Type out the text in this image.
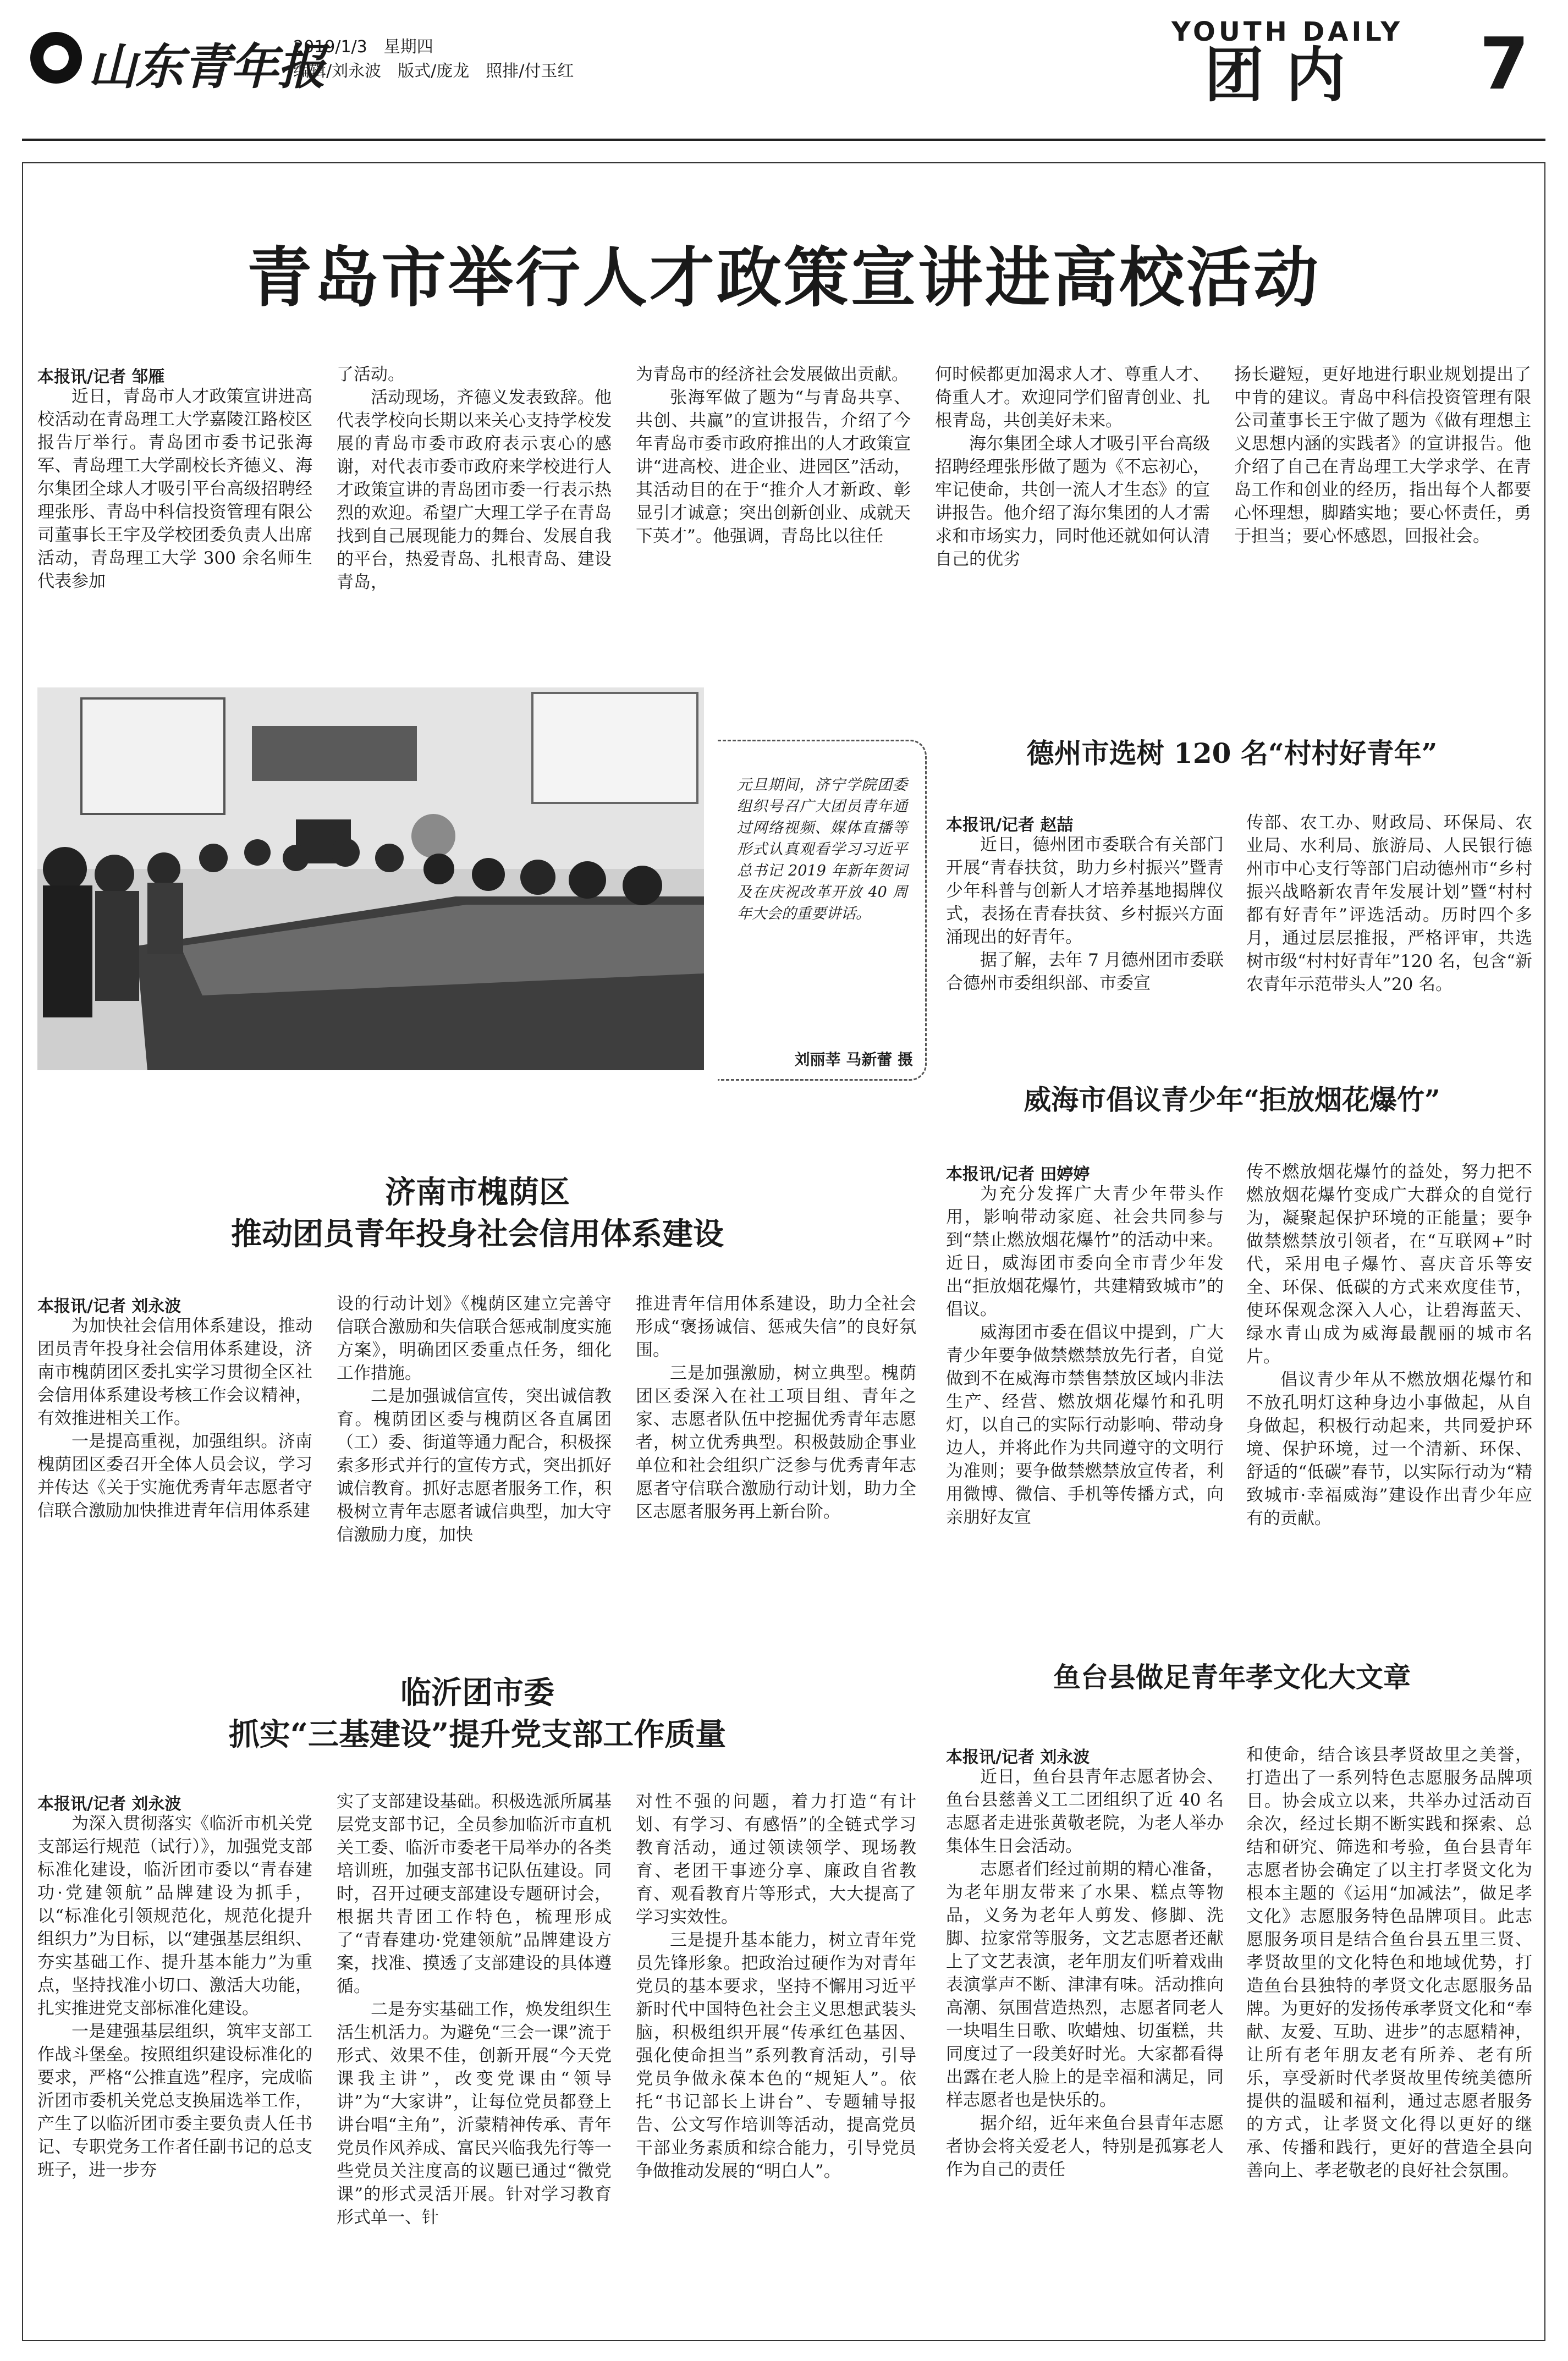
山东青年报
2019/1/3　星期四
编辑/刘永波　版式/庞龙　照排/付玉红
YOUTH DAILY
团内 7
青岛市举行人才政策宣讲进高校活动
本报讯/记者 邹雁

近日，青岛市人才政策宣讲进高校活动在青岛理工大学嘉陵江路校区报告厅举行。青岛团市委书记张海军、青岛理工大学副校长齐德义、海尔集团全球人才吸引平台高级招聘经理张彤、青岛中科信投资管理有限公司董事长王宇及学校团委负责人出席活动，青岛理工大学 300 余名师生代表参加

了活动。

活动现场，齐德义发表致辞。他代表学校向长期以来关心支持学校发展的青岛市委市政府表示衷心的感谢，对代表市委市政府来学校进行人才政策宣讲的青岛团市委一行表示热烈的欢迎。希望广大理工学子在青岛找到自己展现能力的舞台、发展自我的平台，热爱青岛、扎根青岛、建设青岛，

为青岛市的经济社会发展做出贡献。

张海军做了题为“与青岛共享、共创、共赢”的宣讲报告，介绍了今年青岛市委市政府推出的人才政策宣讲“进高校、进企业、进园区”活动，其活动目的在于“推介人才新政、彰显引才诚意；突出创新创业、成就天下英才”。他强调，青岛比以往任

何时候都更加渴求人才、尊重人才、倚重人才。欢迎同学们留青创业、扎根青岛，共创美好未来。

海尔集团全球人才吸引平台高级招聘经理张彤做了题为《不忘初心，牢记使命，共创一流人才生态》的宣讲报告。他介绍了海尔集团的人才需求和市场实力，同时他还就如何认清自己的优劣

扬长避短，更好地进行职业规划提出了中肯的建议。青岛中科信投资管理有限公司董事长王宇做了题为《做有理想主义思想内涵的实践者》的宣讲报告。他介绍了自己在青岛理工大学求学、在青岛工作和创业的经历，指出每个人都要心怀理想，脚踏实地；要心怀责任，勇于担当；要心怀感恩，回报社会。

元旦期间，济宁学院团委组织号召广大团员青年通过网络视频、媒体直播等形式认真观看学习习近平总书记 2019 年新年贺词及在庆祝改革开放 40 周年大会的重要讲话。
刘丽莘 马新蕾 摄
德州市选树 120 名“村村好青年”
本报讯/记者 赵喆

近日，德州团市委联合有关部门开展“青春扶贫，助力乡村振兴”暨青少年科普与创新人才培养基地揭牌仪式，表扬在青春扶贫、乡村振兴方面涌现出的好青年。

据了解，去年 7 月德州团市委联合德州市委组织部、市委宣

传部、农工办、财政局、环保局、农业局、水利局、旅游局、人民银行德州市中心支行等部门启动德州市“乡村振兴战略新农青年发展计划”暨“村村都有好青年”评选活动。历时四个多月，通过层层推报，严格评审，共选树市级“村村好青年”120 名，包含“新农青年示范带头人”20 名。

威海市倡议青少年“拒放烟花爆竹”
本报讯/记者 田婷婷

为充分发挥广大青少年带头作用，影响带动家庭、社会共同参与到“禁止燃放烟花爆竹”的活动中来。近日，威海团市委向全市青少年发出“拒放烟花爆竹，共建精致城市”的倡议。

威海团市委在倡议中提到，广大青少年要争做禁燃禁放先行者，自觉做到不在威海市禁售禁放区域内非法生产、经营、燃放烟花爆竹和孔明灯，以自己的实际行动影响、带动身边人，并将此作为共同遵守的文明行为准则；要争做禁燃禁放宣传者，利用微博、微信、手机等传播方式，向亲朋好友宣

传不燃放烟花爆竹的益处，努力把不燃放烟花爆竹变成广大群众的自觉行为，凝聚起保护环境的正能量；要争做禁燃禁放引领者，在“互联网+”时代，采用电子爆竹、喜庆音乐等安全、环保、低碳的方式来欢度佳节，使环保观念深入人心，让碧海蓝天、绿水青山成为威海最靓丽的城市名片。

倡议青少年从不燃放烟花爆竹和不放孔明灯这种身边小事做起，从自身做起，积极行动起来，共同爱护环境、保护环境，过一个清新、环保、舒适的“低碳”春节，以实际行动为“精致城市·幸福威海”建设作出青少年应有的贡献。

济南市槐荫区
推动团员青年投身社会信用体系建设
本报讯/记者 刘永波

为加快社会信用体系建设，推动团员青年投身社会信用体系建设，济南市槐荫团区委扎实学习贯彻全区社会信用体系建设考核工作会议精神，有效推进相关工作。

一是提高重视，加强组织。济南槐荫团区委召开全体人员会议，学习并传达《关于实施优秀青年志愿者守信联合激励加快推进青年信用体系建

设的行动计划》《槐荫区建立完善守信联合激励和失信联合惩戒制度实施方案》，明确团区委重点任务，细化工作措施。

二是加强诚信宣传，突出诚信教育。槐荫团区委与槐荫区各直属团（工）委、街道等通力配合，积极探索多形式并行的宣传方式，突出抓好诚信教育。抓好志愿者服务工作，积极树立青年志愿者诚信典型，加大守信激励力度，加快

推进青年信用体系建设，助力全社会形成“褒扬诚信、惩戒失信”的良好氛围。

三是加强激励，树立典型。槐荫团区委深入在社工项目组、青年之家、志愿者队伍中挖掘优秀青年志愿者，树立优秀典型。积极鼓励企事业单位和社会组织广泛参与优秀青年志愿者守信联合激励行动计划，助力全区志愿者服务再上新台阶。

临沂团市委
抓实“三基建设”提升党支部工作质量
本报讯/记者 刘永波

为深入贯彻落实《临沂市机关党支部运行规范（试行）》，加强党支部标准化建设，临沂团市委以“青春建功·党建领航”品牌建设为抓手，以“标准化引领规范化，规范化提升组织力”为目标，以“建强基层组织、夯实基础工作、提升基本能力”为重点，坚持找准小切口、激活大功能，扎实推进党支部标准化建设。

一是建强基层组织，筑牢支部工作战斗堡垒。按照组织建设标准化的要求，严格“公推直选”程序，完成临沂团市委机关党总支换届选举工作，产生了以临沂团市委主要负责人任书记、专职党务工作者任副书记的总支班子，进一步夯

实了支部建设基础。积极选派所属基层党支部书记，全员参加临沂市直机关工委、临沂市委老干局举办的各类培训班，加强支部书记队伍建设。同时，召开过硬支部建设专题研讨会，根据共青团工作特色，梳理形成了“青春建功·党建领航”品牌建设方案，找准、摸透了支部建设的具体遵循。

二是夯实基础工作，焕发组织生活生机活力。为避免“三会一课”流于形式、效果不佳，创新开展“今天党课我主讲”，改变党课由“领导讲”为“大家讲”，让每位党员都登上讲台唱“主角”，沂蒙精神传承、青年党员作风养成、富民兴临我先行等一些党员关注度高的议题已通过“微党课”的形式灵活开展。针对学习教育形式单一、针

对性不强的问题，着力打造“有计划、有学习、有感悟”的全链式学习教育活动，通过领读领学、现场教育、老团干事迹分享、廉政自省教育、观看教育片等形式，大大提高了学习实效性。

三是提升基本能力，树立青年党员先锋形象。把政治过硬作为对青年党员的基本要求，坚持不懈用习近平新时代中国特色社会主义思想武装头脑，积极组织开展“传承红色基因、强化使命担当”系列教育活动，引导党员争做永葆本色的“规矩人”。依托“书记部长上讲台”、专题辅导报告、公文写作培训等活动，提高党员干部业务素质和综合能力，引导党员争做推动发展的“明白人”。

鱼台县做足青年孝文化大文章
本报讯/记者 刘永波

近日，鱼台县青年志愿者协会、鱼台县慈善义工二团组织了近 40 名志愿者走进张黄敬老院，为老人举办集体生日会活动。

志愿者们经过前期的精心准备，为老年朋友带来了水果、糕点等物品，义务为老年人剪发、修脚、洗脚、拉家常等服务，文艺志愿者还献上了文艺表演，老年朋友们听着戏曲表演掌声不断、津津有味。活动推向高潮、氛围营造热烈，志愿者同老人一块唱生日歌、吹蜡烛、切蛋糕，共同度过了一段美好时光。大家都看得出露在老人脸上的是幸福和满足，同样志愿者也是快乐的。

据介绍，近年来鱼台县青年志愿者协会将关爱老人，特别是孤寡老人作为自己的责任

和使命，结合该县孝贤故里之美誉，打造出了一系列特色志愿服务品牌项目。协会成立以来，共举办过活动百余次，经过长期不断实践和探索、总结和研究、筛选和考验，鱼台县青年志愿者协会确定了以主打孝贤文化为根本主题的《运用“加减法”，做足孝文化》志愿服务特色品牌项目。此志愿服务项目是结合鱼台县五里三贤、孝贤故里的文化特色和地域优势，打造鱼台县独特的孝贤文化志愿服务品牌。为更好的发扬传承孝贤文化和“奉献、友爱、互助、进步”的志愿精神，让所有老年朋友老有所养、老有所乐，享受新时代孝贤故里传统美德所提供的温暖和福利，通过志愿者服务的方式，让孝贤文化得以更好的继承、传播和践行，更好的营造全县向善向上、孝老敬老的良好社会氛围。
